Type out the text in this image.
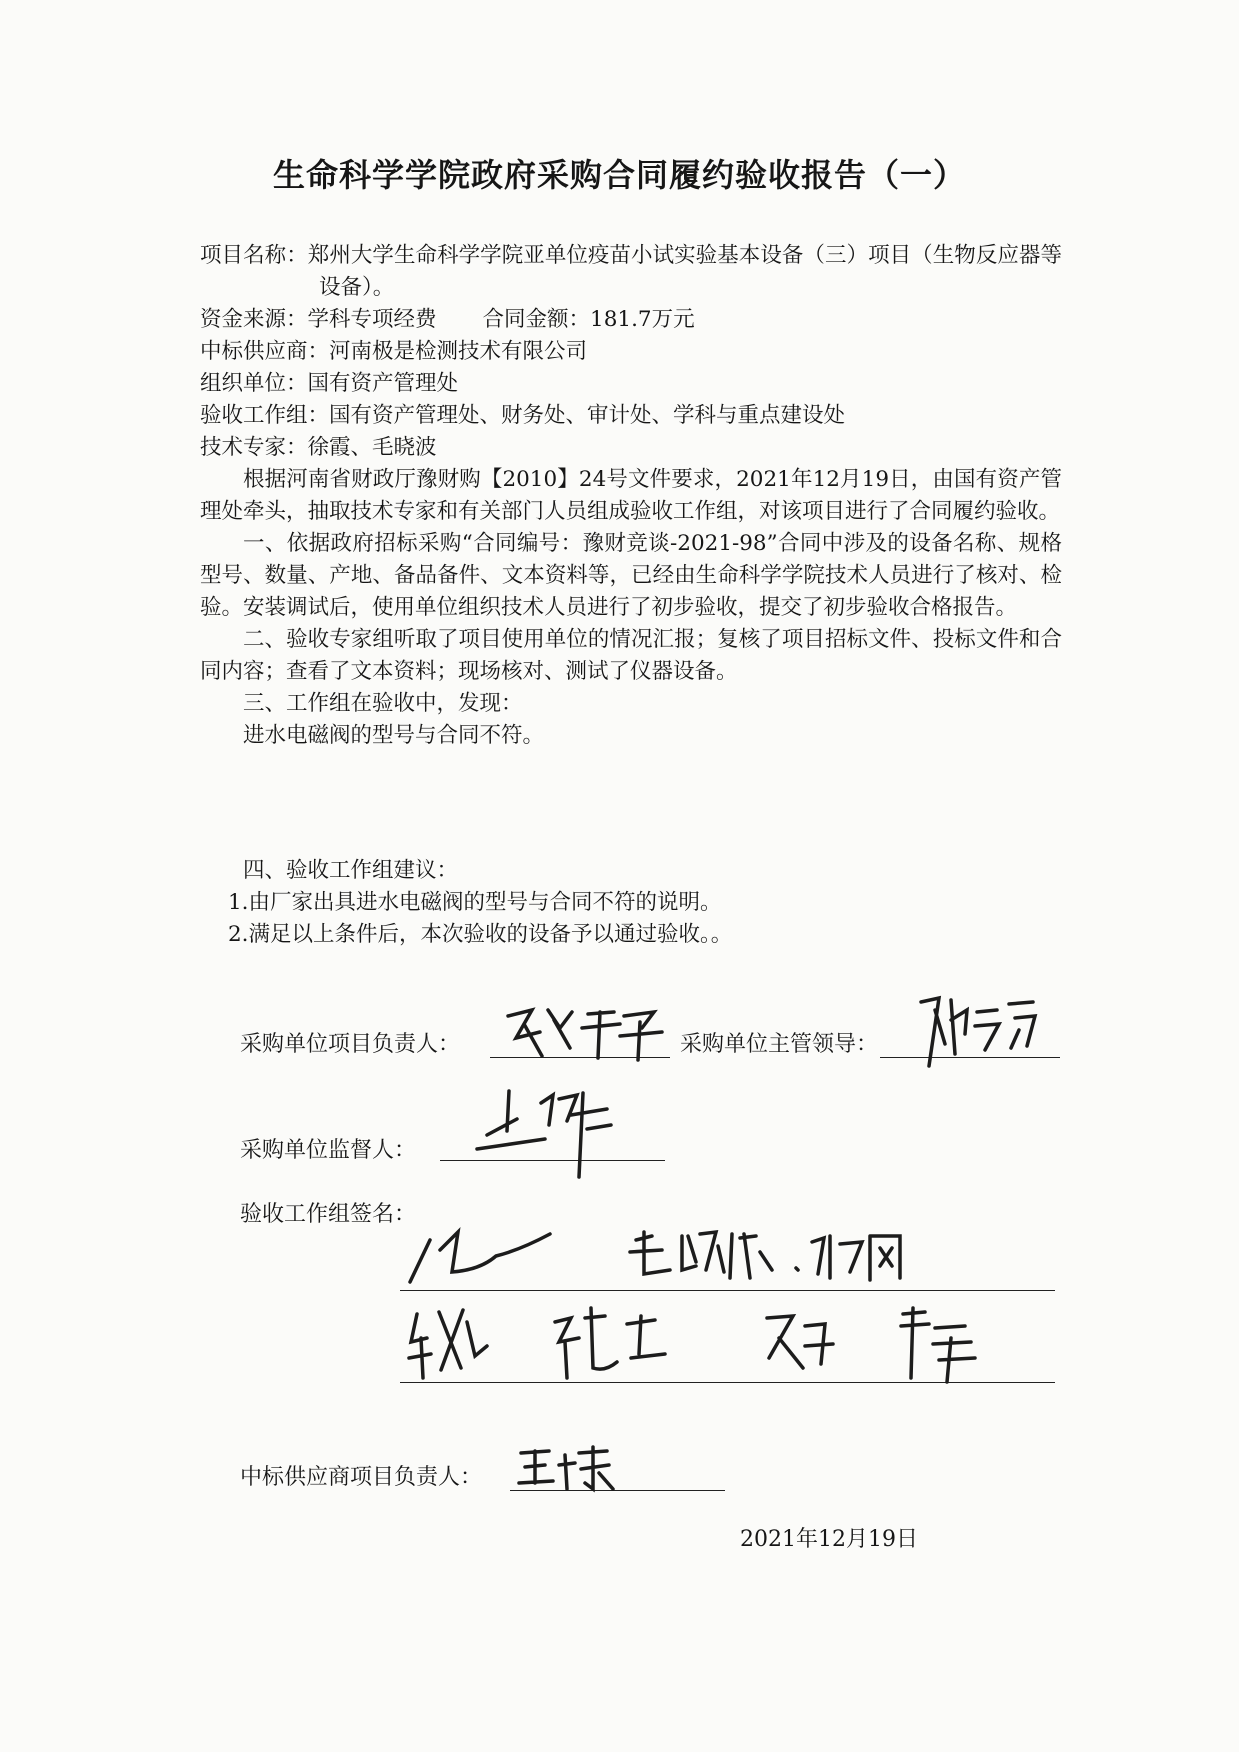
生命科学学院政府采购合同履约验收报告（一）

项目名称：郑州大学生命科学学院亚单位疫苗小试实验基本设备（三）项目（生物反应器等设备）。

资金来源：学科专项经费 合同金额：181.7万元

中标供应商：河南极是检测技术有限公司

组织单位：国有资产管理处

验收工作组：国有资产管理处、财务处、审计处、学科与重点建设处

技术专家：徐霞、毛晓波

根据河南省财政厅豫财购【2010】24号文件要求，2021年12月19日，由国有资产管理处牵头，抽取技术专家和有关部门人员组成验收工作组，对该项目进行了合同履约验收。

一、依据政府招标采购“合同编号：豫财竞谈-2021-98”合同中涉及的设备名称、规格型号、数量、产地、备品备件、文本资料等，已经由生命科学学院技术人员进行了核对、检验。安装调试后，使用单位组织技术人员进行了初步验收，提交了初步验收合格报告。

二、验收专家组听取了项目使用单位的情况汇报；复核了项目招标文件、投标文件和合同内容；查看了文本资料；现场核对、测试了仪器设备。

三、工作组在验收中，发现：

进水电磁阀的型号与合同不符。

四、验收工作组建议：

1.由厂家出具进水电磁阀的型号与合同不符的说明。

2.满足以上条件后，本次验收的设备予以通过验收。。

采购单位项目负责人：	采购单位主管领导：
采购单位监督人：
验收工作组签名：
中标供应商项目负责人：
2021年12月19日
